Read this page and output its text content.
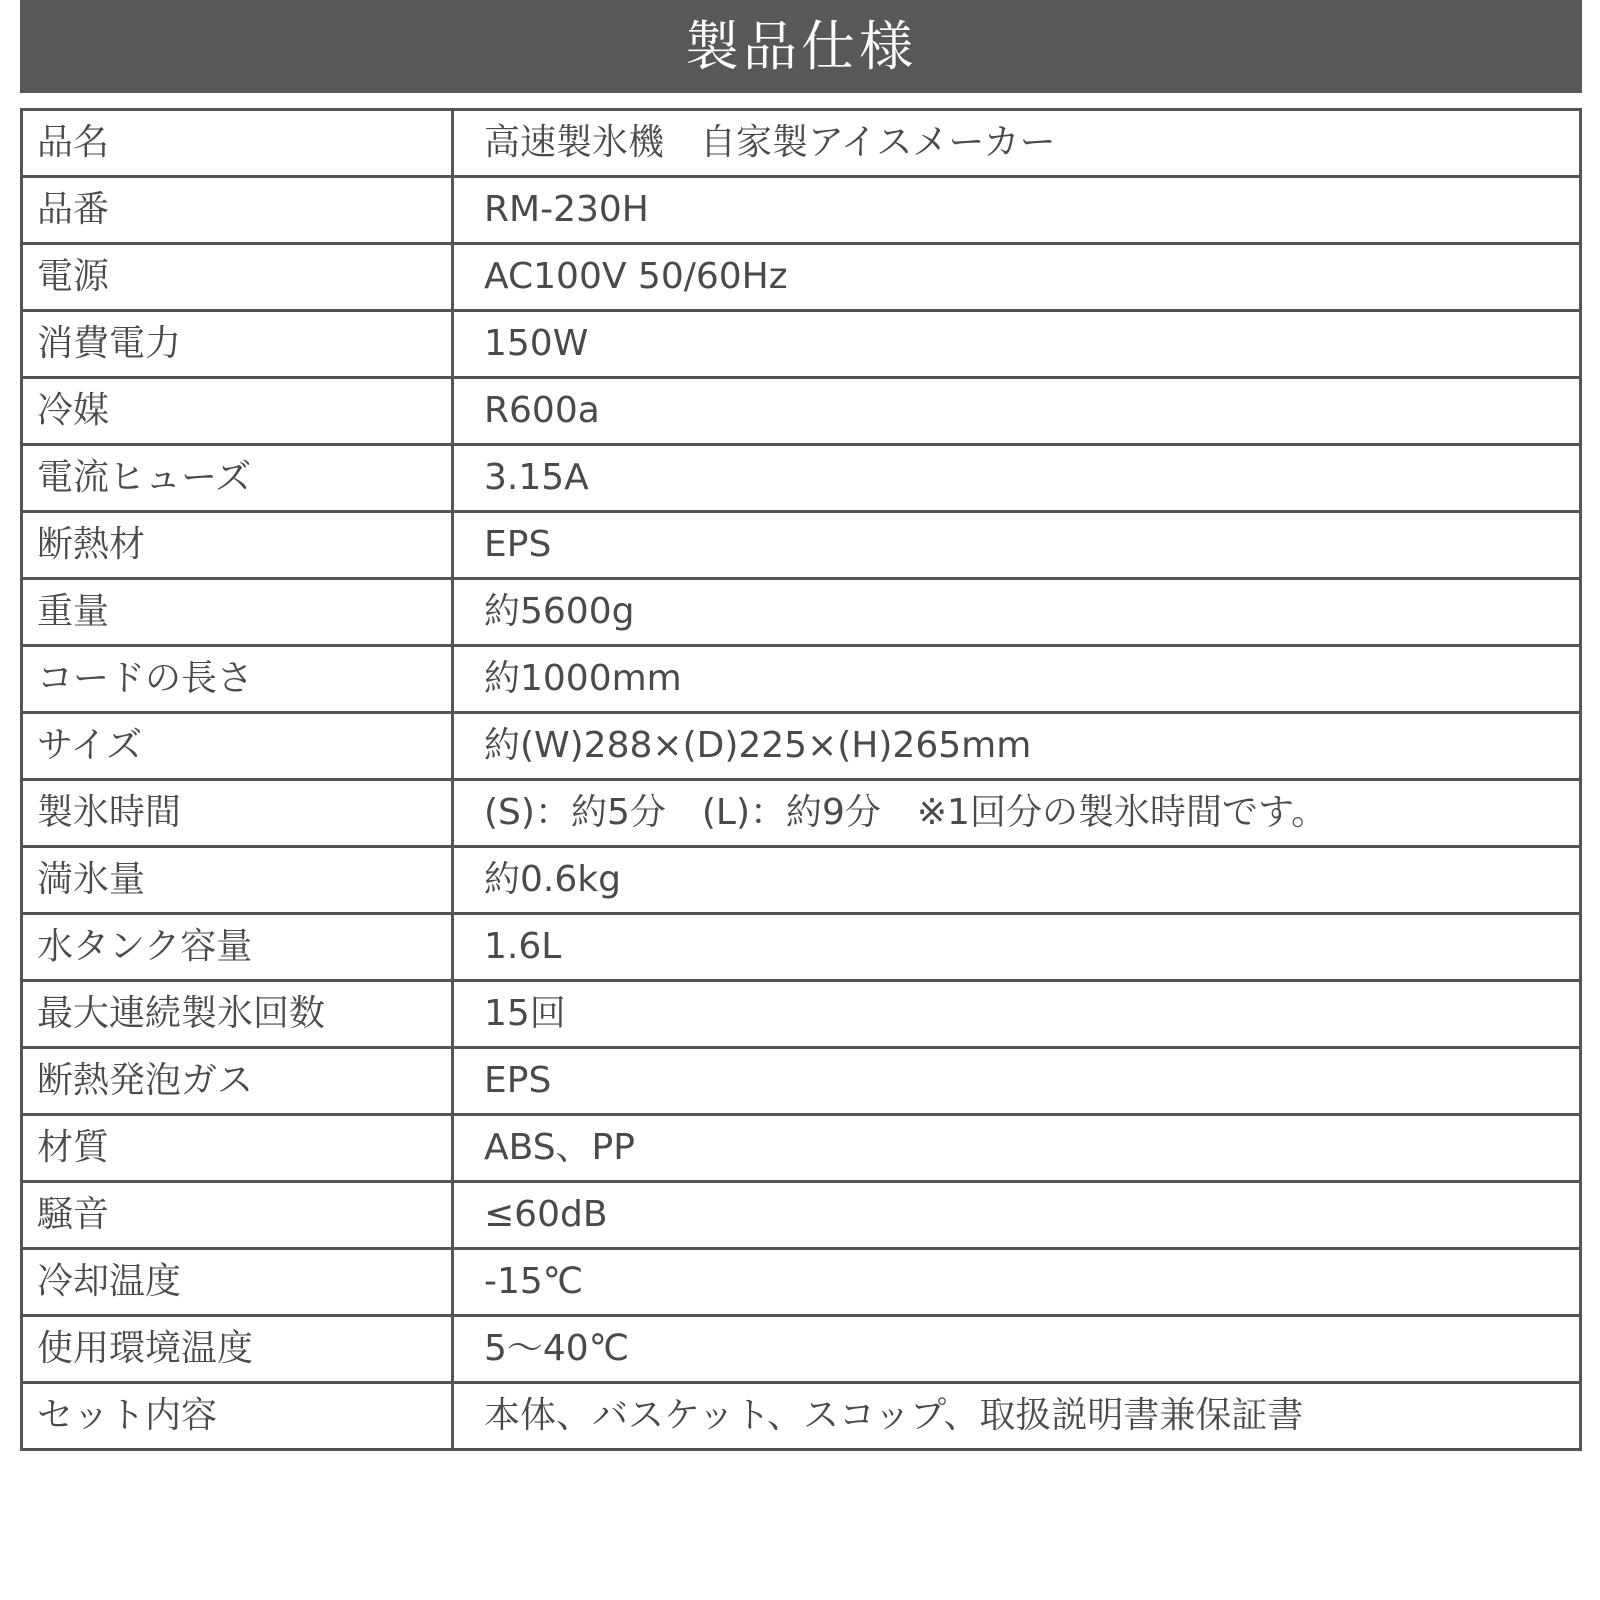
製品仕様
品名	高速製氷機　自家製アイスメーカー
品番	RM-230H
電源	AC100V 50/60Hz
消費電力	150W
冷媒	R600a
電流ヒューズ	3.15A
断熱材	EPS
重量	約5600g
コードの長さ	約1000mm
サイズ	約(W)288×(D)225×(H)265mm
製氷時間	(S)：約5分　(L)：約9分　※1回分の製氷時間です。
満氷量	約0.6kg
水タンク容量	1.6L
最大連続製氷回数	15回
断熱発泡ガス	EPS
材質	ABS、PP
騒音	≤60dB
冷却温度	-15℃
使用環境温度	5～40℃
セット内容	本体、バスケット、スコップ、取扱説明書兼保証書
